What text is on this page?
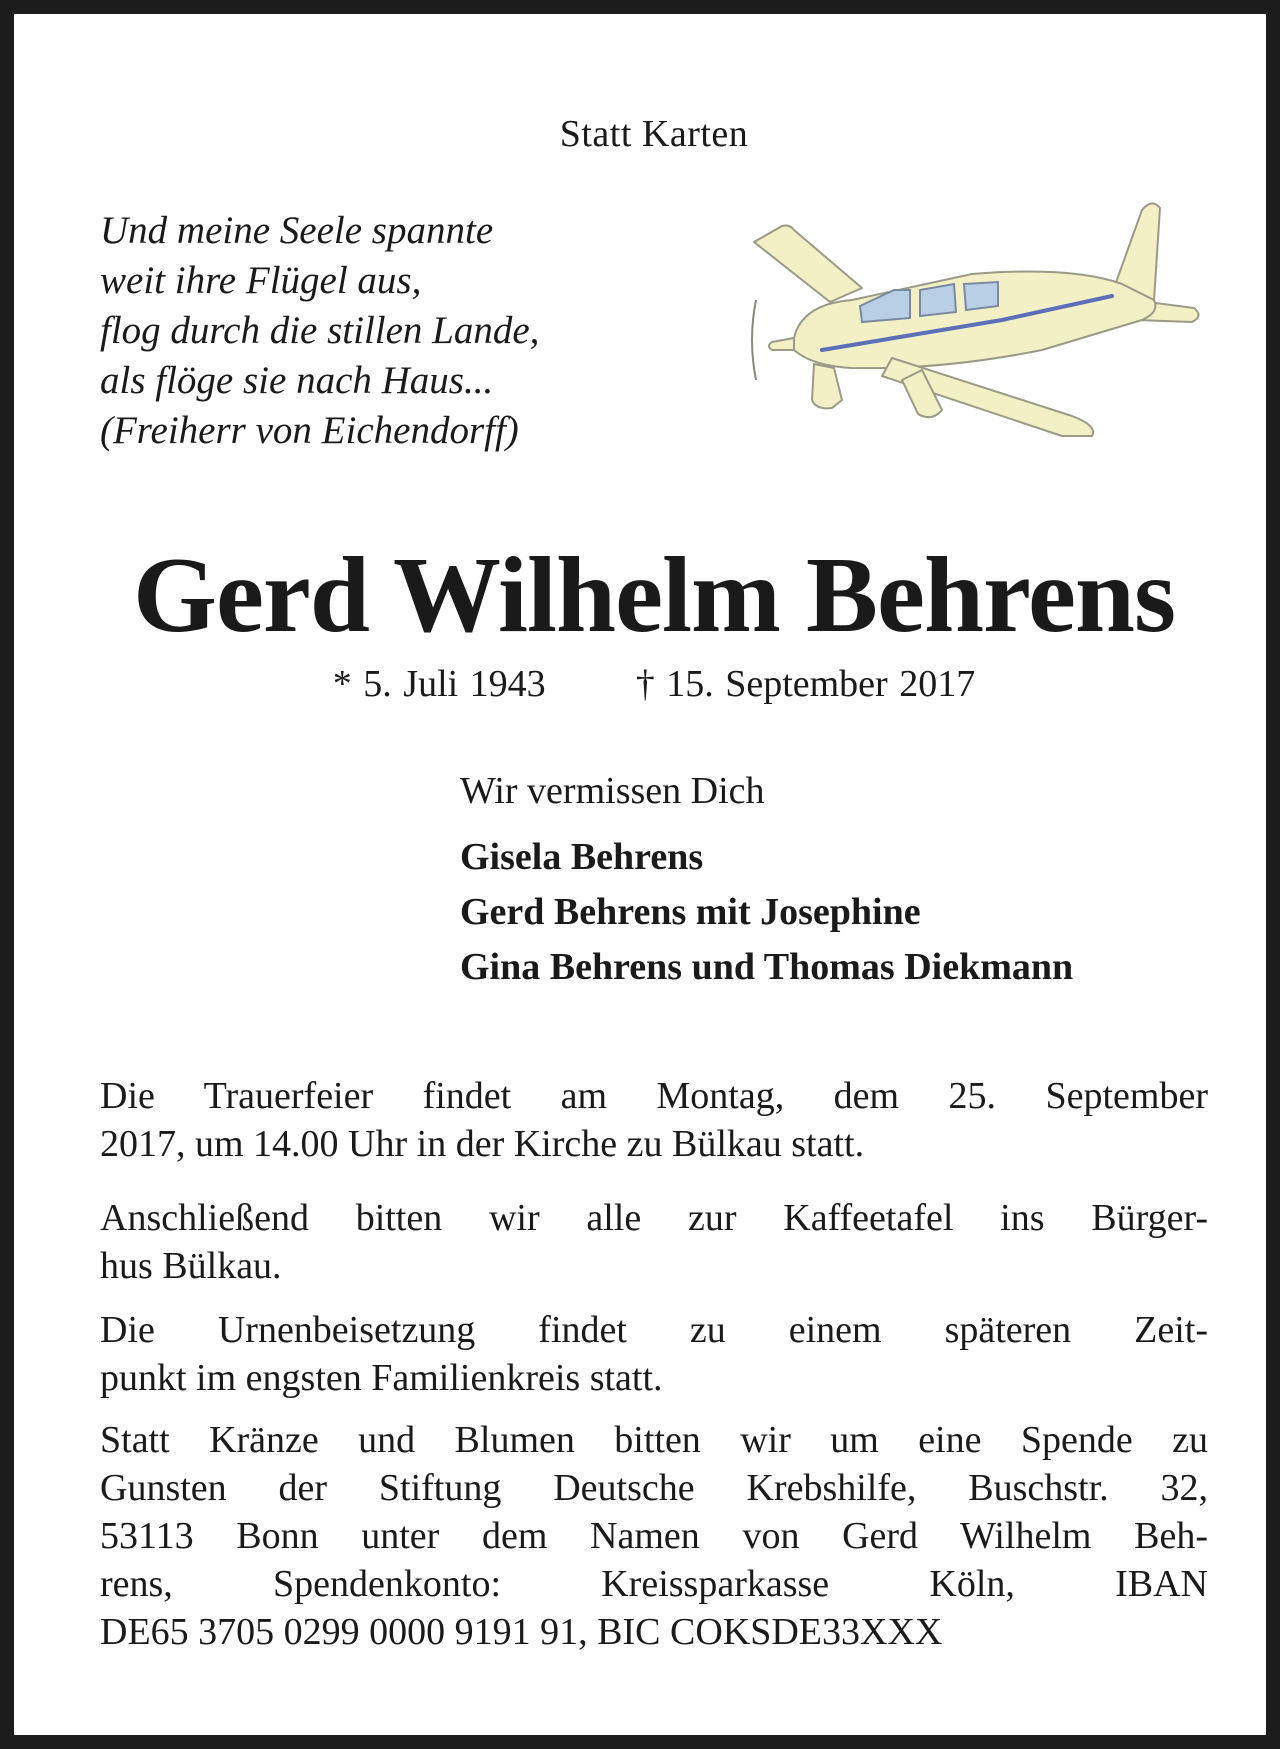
Statt Karten
Und meine Seele spannte
weit ihre Flügel aus,
flog durch die stillen Lande,
als flöge sie nach Haus...
(Freiherr von Eichendorff)
Gerd Wilhelm Behrens
* 5. Juli 1943 † 15. September 2017
Wir vermissen Dich
Gisela Behrens
Gerd Behrens mit Josephine
Gina Behrens und Thomas Diekmann
Die Trauerfeier findet am Montag, dem 25. September
2017, um 14.00 Uhr in der Kirche zu Bülkau statt.
Anschließend bitten wir alle zur Kaffeetafel ins Bürger-
hus Bülkau.
Die Urnenbeisetzung findet zu einem späteren Zeit-
punkt im engsten Familienkreis statt.
Statt Kränze und Blumen bitten wir um eine Spende zu
Gunsten der Stiftung Deutsche Krebshilfe, Buschstr. 32,
53113 Bonn unter dem Namen von Gerd Wilhelm Beh-
rens, Spendenkonto: Kreissparkasse Köln, IBAN
DE65 3705 0299 0000 9191 91, BIC COKSDE33XXX
